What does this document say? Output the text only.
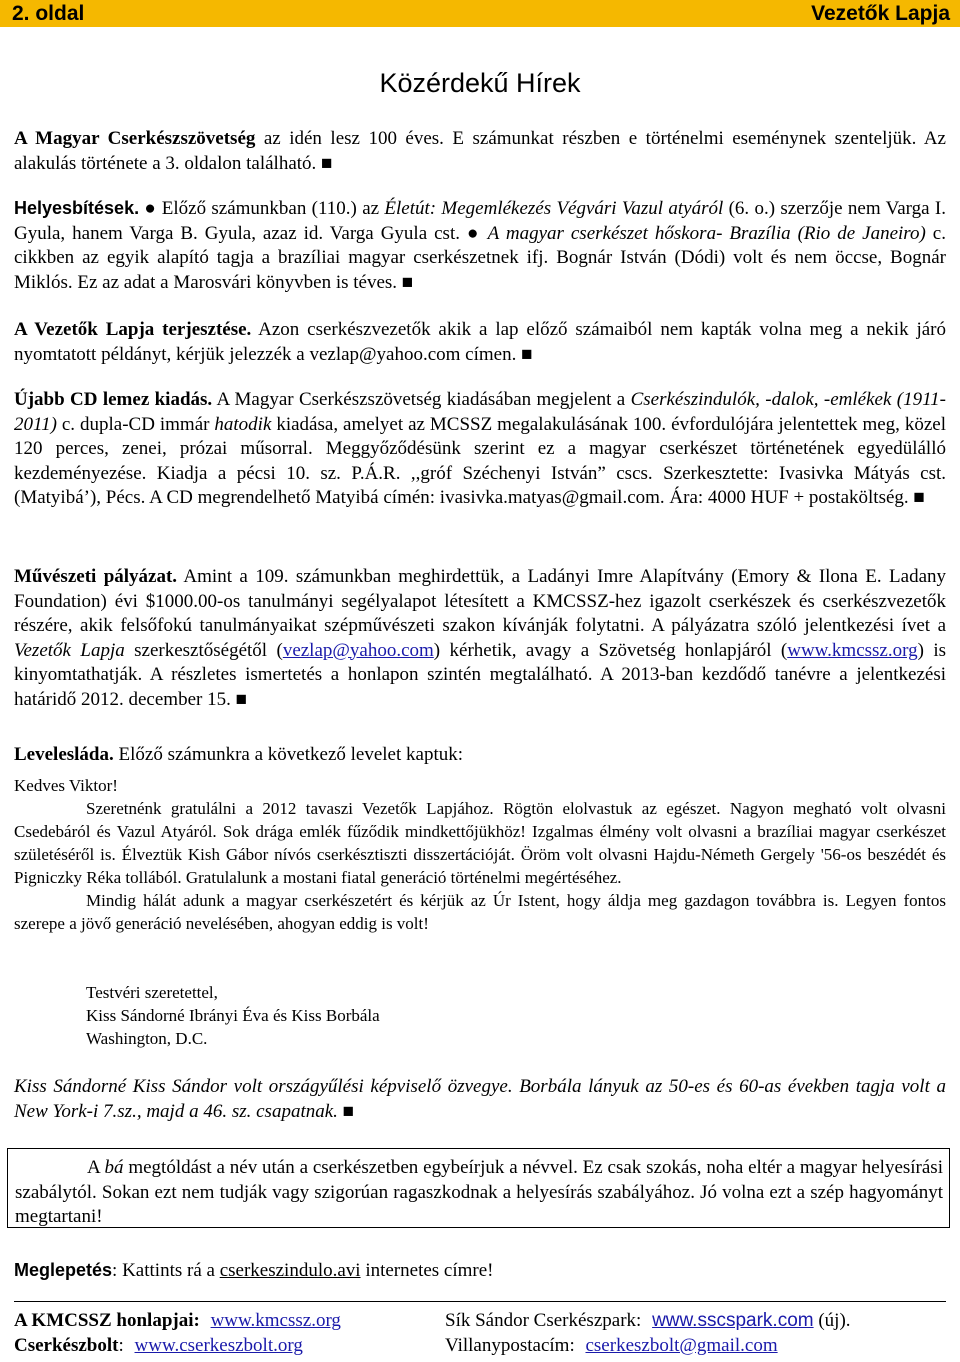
2. oldal	Vezetők Lapja
Közérdekű Hírek

A Magyar Cserkészszövetség az idén lesz 100 éves. E számunkat részben e történelmi eseménynek szenteljük. Az alakulás története a 3. oldalon található. ■

Helyesbítések. ● Előző számunkban (110.) az Életút: Megemlékezés Végvári Vazul atyáról (6. o.) szerzője nem Varga I. Gyula, hanem Varga B. Gyula, azaz id. Varga Gyula cst. ● A magyar cserkészet hőskora- Brazília (Rio de Janeiro) c. cikkben az egyik alapító tagja a brazíliai magyar cserkészetnek ifj. Bognár István (Dódi) volt és nem öccse, Bognár Miklós. Ez az adat a Marosvári könyvben is téves. ■

A Vezetők Lapja terjesztése. Azon cserkészvezetők akik a lap előző számaiból nem kapták volna meg a nekik járó nyomtatott példányt, kérjük jelezzék a vezlap@yahoo.com címen. ■

Újabb CD lemez kiadás. A Magyar Cserkészszövetség kiadásában megjelent a Cserkészindulók, -dalok, -emlékek (1911-2011) c. dupla-CD immár hatodik kiadása, amelyet az MCSSZ megalakulásának 100. évfordulójára jelentettek meg, közel 120 perces, zenei, prózai műsorral. Meggyőződésünk szerint ez a magyar cserkészet történetének egyedülálló kezdeményezése. Kiadja a pécsi 10. sz. P.Á.R. ,,gróf Széchenyi István” cscs. Szerkesztette: Ivasivka Mátyás cst. (Matyibá’), Pécs. A CD megrendelhető Matyibá címén: ivasivka.matyas@gmail.com. Ára: 4000 HUF + postaköltség. ■

Művészeti pályázat. Amint a 109. számunkban meghirdettük, a Ladányi Imre Alapítvány (Emory & Ilona E. Ladany Foundation) évi $1000.00-os tanulmányi segélyalapot létesített a KMCSSZ-hez igazolt cserkészek és cserkészvezetők részére, akik felsőfokú tanulmányaikat szépművészeti szakon kívánják folytatni. A pályázatra szóló jelentkezési ívet a Vezetők Lapja szerkesztőségétől (vezlap@yahoo.com) kérhetik, avagy a Szövetség honlapjáról (www.kmcssz.org) is kinyomtathatják. A részletes ismertetés a honlapon szintén megtalálható. A 2013-ban kezdődő tanévre a jelentkezési határidő 2012. december 15. ■

Levelesláda. Előző számunkra a következő levelet kaptuk:

Kedves Viktor!

Szeretnénk gratulálni a 2012 tavaszi Vezetők Lapjához. Rögtön elolvastuk az egészet. Nagyon megható volt olvasni Csedebáról és Vazul Atyáról. Sok drága emlék fűződik mindkettőjükhöz! Izgalmas élmény volt olvasni a brazíliai magyar cserkészet születéséről is. Élveztük Kish Gábor nívós cserkésztiszti disszertációját. Öröm volt olvasni Hajdu-Németh Gergely '56-os beszédét és Pigniczky Réka tollából. Gratulalunk a mostani fiatal generáció történelmi megértéséhez.

Mindig hálát adunk a magyar cserkészetért és kérjük az Úr Istent, hogy áldja meg gazdagon továbbra is. Legyen fontos szerepe a jövő generáció nevelésében, ahogyan eddig is volt!

Testvéri szeretettel,
Kiss Sándorné Ibrányi Éva és Kiss Borbála
Washington, D.C.
Kiss Sándorné Kiss Sándor volt országyűlési képviselő özvegye. Borbála lányuk az 50-es és 60-as években tagja volt a New York-i 7.sz., majd a 46. sz. csapatnak. ■

A bá megtóldást a név után a cserkészetben egybeírjuk a névvel. Ez csak szokás, noha eltér a magyar helyesírási szabálytól. Sokan ezt nem tudják vagy szigorúan ragaszkodnak a helyesírás szabályához. Jó volna ezt a szép hagyományt megtartani!

Meglepetés: Kattints rá a cserkeszindulo.avi internetes címre!

A KMCSSZ honlapjai: www.kmcssz.org	Sík Sándor Cserkészpark: www.sscspark.com (új).
Cserkészbolt: www.cserkeszbolt.org	Villanypostacím: cserkeszbolt@gmail.com
